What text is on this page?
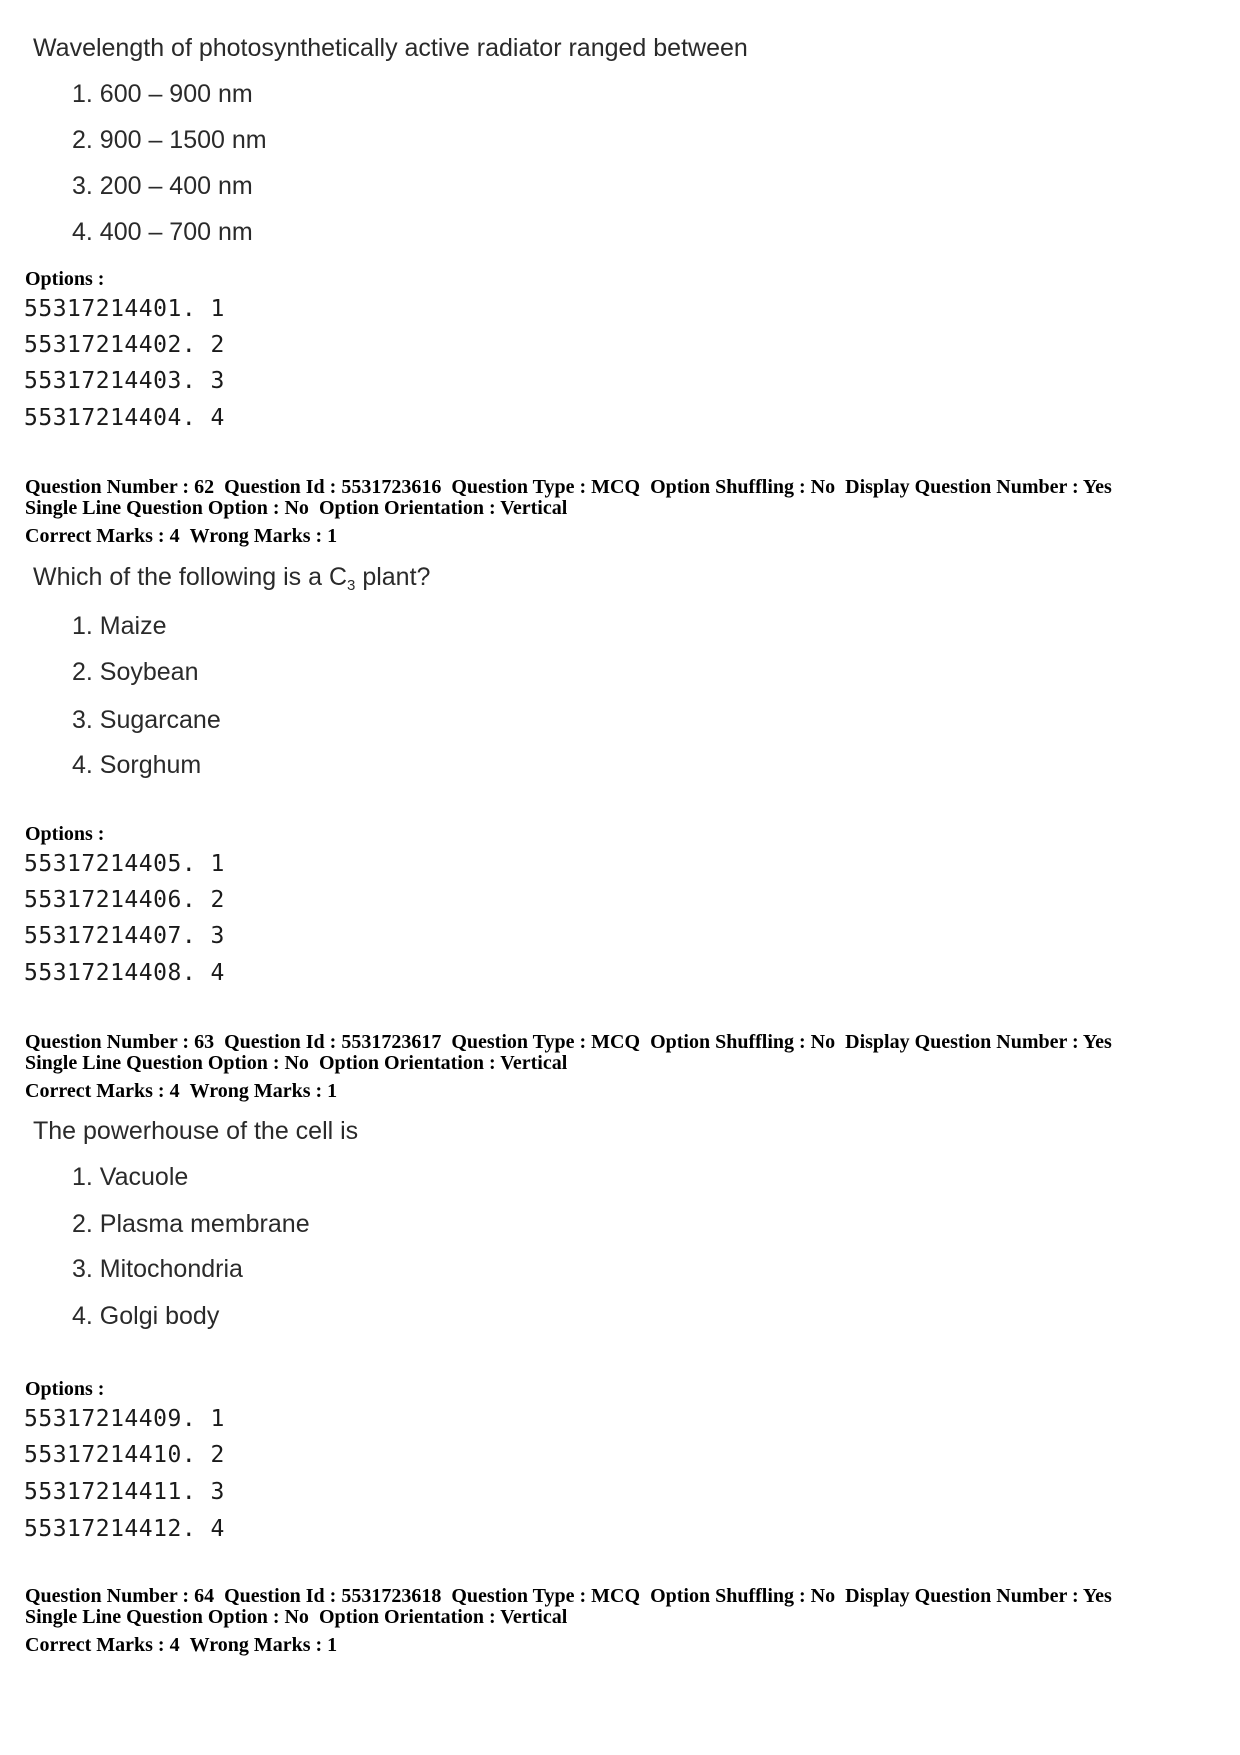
Wavelength of photosynthetically active radiator ranged between
1. 600 – 900 nm
2. 900 – 1500 nm
3. 200 – 400 nm
4. 400 – 700 nm
Options :
55317214401. 1
55317214402. 2
55317214403. 3
55317214404. 4
Question Number : 62 Question Id : 5531723616 Question Type : MCQ Option Shuffling : No Display Question Number : Yes
Single Line Question Option : No Option Orientation : Vertical
Correct Marks : 4 Wrong Marks : 1
Which of the following is a $C_3$ plant?
1. Maize
2. Soybean
3. Sugarcane
4. Sorghum
Options :
55317214405. 1
55317214406. 2
55317214407. 3
55317214408. 4
Question Number : 63 Question Id : 5531723617 Question Type : MCQ Option Shuffling : No Display Question Number : Yes
Single Line Question Option : No Option Orientation : Vertical
Correct Marks : 4 Wrong Marks : 1
The powerhouse of the cell is
1. Vacuole
2. Plasma membrane
3. Mitochondria
4. Golgi body
Options :
55317214409. 1
55317214410. 2
55317214411. 3
55317214412. 4
Question Number : 64 Question Id : 5531723618 Question Type : MCQ Option Shuffling : No Display Question Number : Yes
Single Line Question Option : No Option Orientation : Vertical
Correct Marks : 4 Wrong Marks : 1
